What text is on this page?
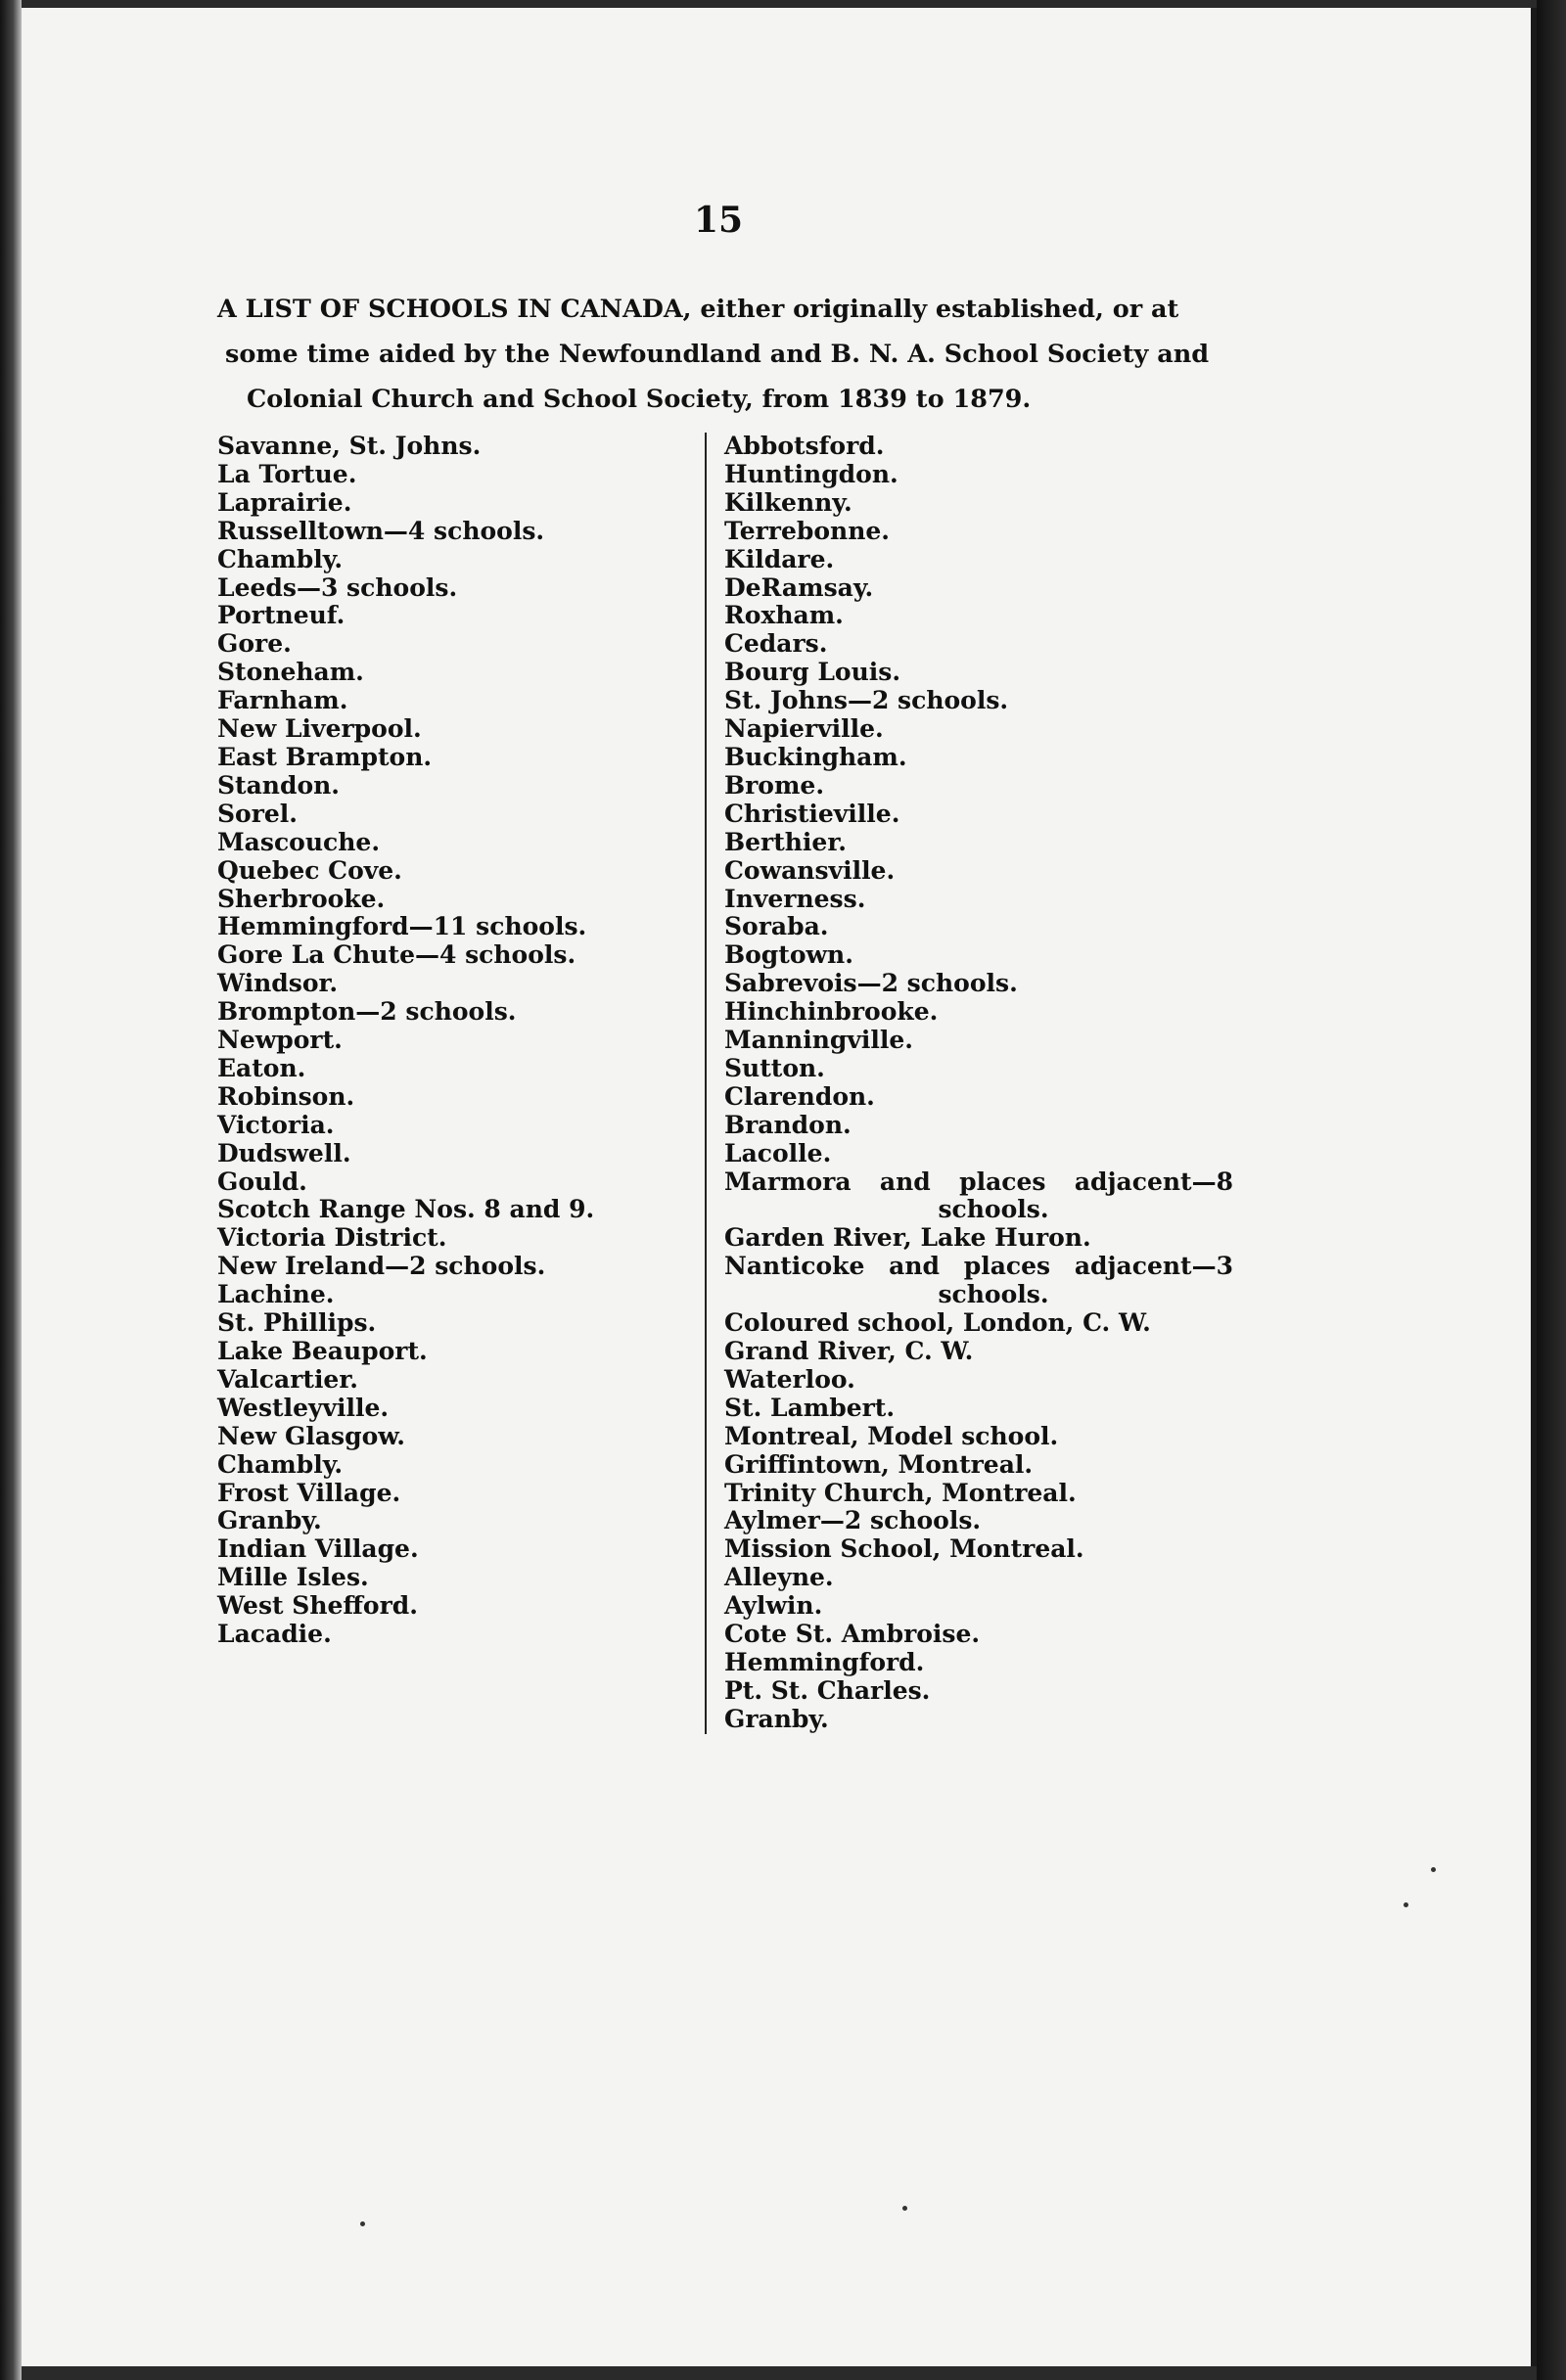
15
A LIST OF SCHOOLS IN CANADA, either originally established, or at
some time aided by the Newfoundland and B. N. A. School Society and
Colonial Church and School Society, from 1839 to 1879.
Savanne, St. Johns.
La Tortue.
Laprairie.
Russelltown—4 schools.
Chambly.
Leeds—3 schools.
Portneuf.
Gore.
Stoneham.
Farnham.
New Liverpool.
East Brampton.
Standon.
Sorel.
Mascouche.
Quebec Cove.
Sherbrooke.
Hemmingford—11 schools.
Gore La Chute—4 schools.
Windsor.
Brompton—2 schools.
Newport.
Eaton.
Robinson.
Victoria.
Dudswell.
Gould.
Scotch Range Nos. 8 and 9.
Victoria District.
New Ireland—2 schools.
Lachine.
St. Phillips.
Lake Beauport.
Valcartier.
Westleyville.
New Glasgow.
Chambly.
Frost Village.
Granby.
Indian Village.
Mille Isles.
West Shefford.
Lacadie.
Abbotsford.
Huntingdon.
Kilkenny.
Terrebonne.
Kildare.
DeRamsay.
Roxham.
Cedars.
Bourg Louis.
St. Johns—2 schools.
Napierville.
Buckingham.
Brome.
Christieville.
Berthier.
Cowansville.
Inverness.
Soraba.
Bogtown.
Sabrevois—2 schools.
Hinchinbrooke.
Manningville.
Sutton.
Clarendon.
Brandon.
Lacolle.
Marmora and places adjacent—8
schools.
Garden River, Lake Huron.
Nanticoke and places adjacent—3
schools.
Coloured school, London, C. W.
Grand River, C. W.
Waterloo.
St. Lambert.
Montreal, Model school.
Griffintown, Montreal.
Trinity Church, Montreal.
Aylmer—2 schools.
Mission School, Montreal.
Alleyne.
Aylwin.
Cote St. Ambroise.
Hemmingford.
Pt. St. Charles.
Granby.
